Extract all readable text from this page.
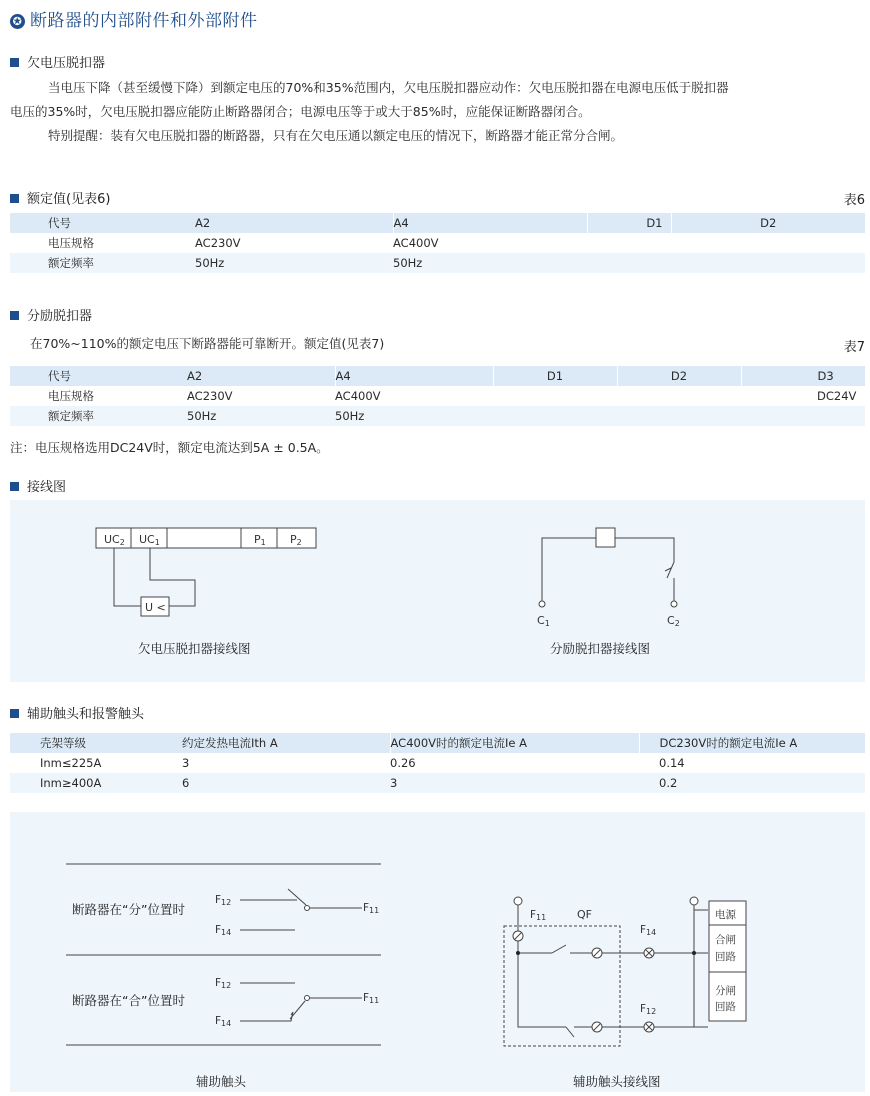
✪ 断路器的内部附件和外部附件
欠电压脱扣器
当电压下降（甚至缓慢下降）到额定电压的70%和35%范围内，欠电压脱扣器应动作：欠电压脱扣器在电源电压低于脱扣器
电压的35%时，欠电压脱扣器应能防止断路器闭合；电源电压等于或大于85%时，应能保证断路器闭合。
特别提醒：装有欠电压脱扣器的断路器，只有在欠电压通以额定电压的情况下，断路器才能正常分合闸。
额定值(见表6)	表6
代号	A2	A4	D1	D2
电压规格	AC230V	AC400V		
额定频率	50Hz	50Hz		
分励脱扣器
在70%~110%的额定电压下断路器能可靠断开。额定值(见表7)	表7
代号	A2	A4	D1	D2	D3
电压规格	AC230V	AC400V			DC24V
额定频率	50Hz	50Hz			
注：电压规格选用DC24V时，额定电流达到5A ± 0.5A。
接线图
UC2 UC1	P1 P2
U <
欠电压脱扣器接线图
C1	C2
分励脱扣器接线图
辅助触头和报警触头
壳架等级	约定发热电流Ith A	AC400V时的额定电流Ie A	DC230V时的额定电流Ie A
Inm≤225A	3	0.26	0.14
Inm≥400A	6	3	0.2
断路器在“分”位置时
断路器在“合”位置时
F12
F14
F11
F12
F14
F11
辅助触头
F11	QF
F14
F12
电源
合闸
回路
分闸
回路
辅助触头接线图
